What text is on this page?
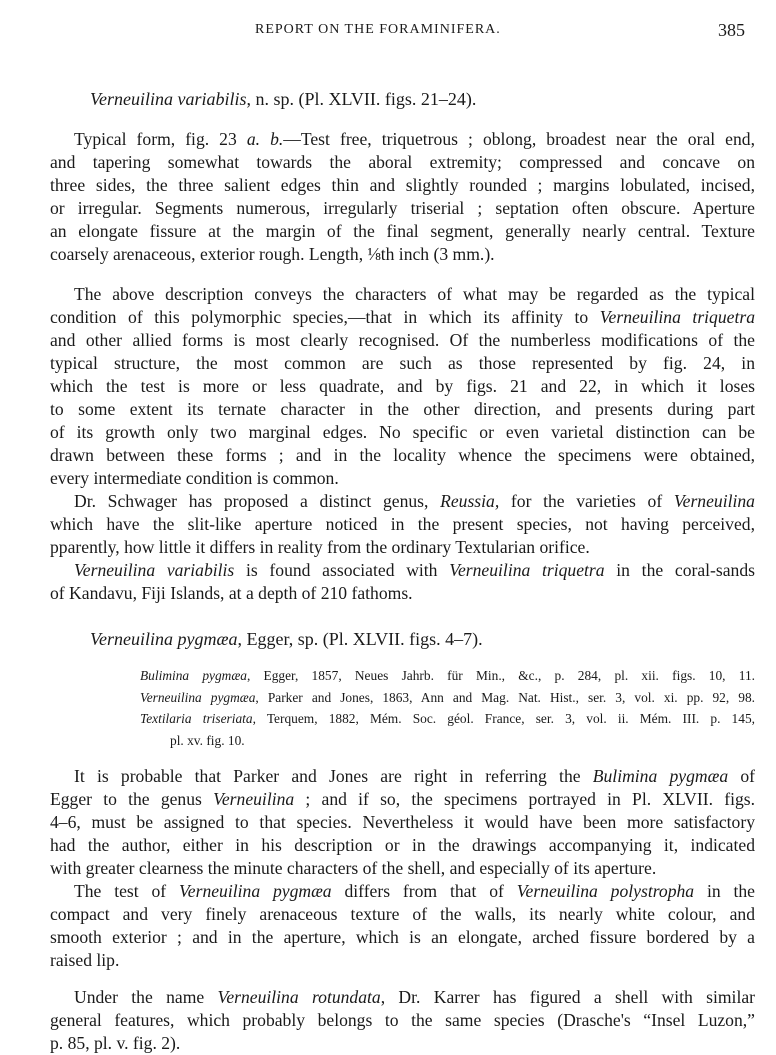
REPORT ON THE FORAMINIFERA.	385
Verneuilina variabilis, n. sp. (Pl. XLVII. figs. 21–24).
Typical form, fig. 23 a. b.—Test free, triquetrous ; oblong, broadest near the oral end,
and tapering somewhat towards the aboral extremity; compressed and concave on
three sides, the three salient edges thin and slightly rounded ; margins lobulated, incised,
or irregular. Segments numerous, irregularly triserial ; septation often obscure. Aperture
an elongate fissure at the margin of the final segment, generally nearly central. Texture
coarsely arenaceous, exterior rough. Length, ⅛th inch (3 mm.).
The above description conveys the characters of what may be regarded as the typical
condition of this polymorphic species,—that in which its affinity to Verneuilina triquetra
and other allied forms is most clearly recognised. Of the numberless modifications of the
typical structure, the most common are such as those represented by fig. 24, in
which the test is more or less quadrate, and by figs. 21 and 22, in which it loses
to some extent its ternate character in the other direction, and presents during part
of its growth only two marginal edges. No specific or even varietal distinction can be
drawn between these forms ; and in the locality whence the specimens were obtained,
every intermediate condition is common.
Dr. Schwager has proposed a distinct genus, Reussia, for the varieties of Verneuilina
which have the slit-like aperture noticed in the present species, not having perceived,
pparently, how little it differs in reality from the ordinary Textularian orifice.
Verneuilina variabilis is found associated with Verneuilina triquetra in the coral-sands
of Kandavu, Fiji Islands, at a depth of 210 fathoms.
Verneuilina pygmæa, Egger, sp. (Pl. XLVII. figs. 4–7).
Bulimina pygmæa, Egger, 1857, Neues Jahrb. für Min., &c., p. 284, pl. xii. figs. 10, 11.
Verneuilina pygmæa, Parker and Jones, 1863, Ann and Mag. Nat. Hist., ser. 3, vol. xi. pp. 92, 98.
Textilaria triseriata, Terquem, 1882, Mém. Soc. géol. France, ser. 3, vol. ii. Mém. III. p. 145,
pl. xv. fig. 10.
It is probable that Parker and Jones are right in referring the Bulimina pygmæa of
Egger to the genus Verneuilina ; and if so, the specimens portrayed in Pl. XLVII. figs.
4–6, must be assigned to that species. Nevertheless it would have been more satisfactory
had the author, either in his description or in the drawings accompanying it, indicated
with greater clearness the minute characters of the shell, and especially of its aperture.
The test of Verneuilina pygmæa differs from that of Verneuilina polystropha in the
compact and very finely arenaceous texture of the walls, its nearly white colour, and
smooth exterior ; and in the aperture, which is an elongate, arched fissure bordered by a
raised lip.
Under the name Verneuilina rotundata, Dr. Karrer has figured a shell with similar
general features, which probably belongs to the same species (Drasche's “Insel Luzon,”
p. 85, pl. v. fig. 2).
